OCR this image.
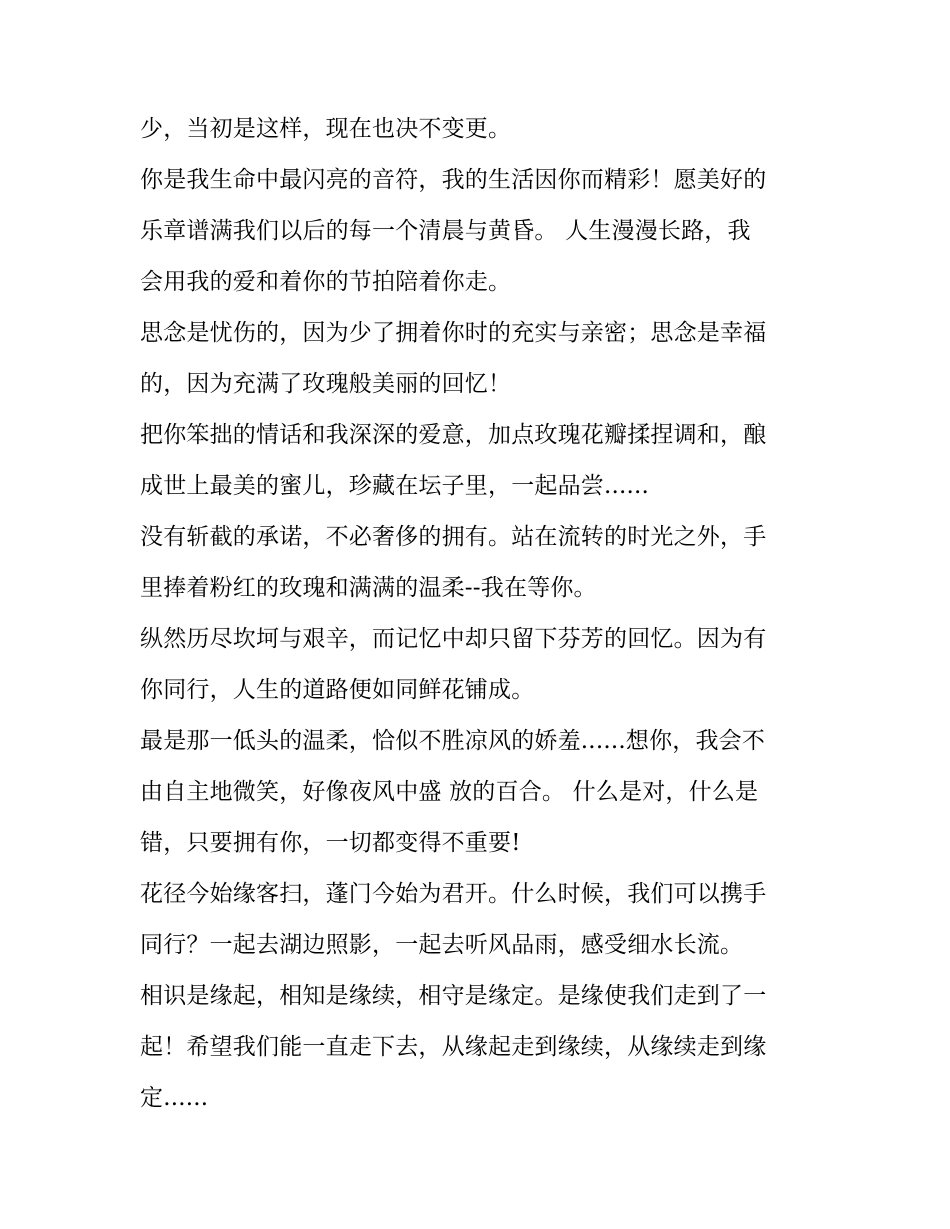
少，当初是这样，现在也决不变更。
你是我生命中最闪亮的音符，我的生活因你而精彩！愿美好的
乐章谱满我们以后的每一个清晨与黄昏。 人生漫漫长路，我
会用我的爱和着你的节拍陪着你走。
思念是忧伤的，因为少了拥着你时的充实与亲密；思念是幸福
的，因为充满了玫瑰般美丽的回忆！
把你笨拙的情话和我深深的爱意，加点玫瑰花瓣揉捏调和，酿
成世上最美的蜜儿，珍藏在坛子里，一起品尝......
没有斩截的承诺，不必奢侈的拥有。站在流转的时光之外，手
里捧着粉红的玫瑰和满满的温柔--我在等你。
纵然历尽坎坷与艰辛，而记忆中却只留下芬芳的回忆。因为有
你同行，人生的道路便如同鲜花铺成。
最是那一低头的温柔，恰似不胜凉风的娇羞......想你，我会不
由自主地微笑，好像夜风中盛 放的百合。 什么是对，什么是
错，只要拥有你，一切都变得不重要!
花径今始缘客扫，蓬门今始为君开。什么时候，我们可以携手
同行？一起去湖边照影，一起去听风品雨，感受细水长流。
相识是缘起，相知是缘续，相守是缘定。是缘使我们走到了一
起！希望我们能一直走下去，从缘起走到缘续，从缘续走到缘
定......
